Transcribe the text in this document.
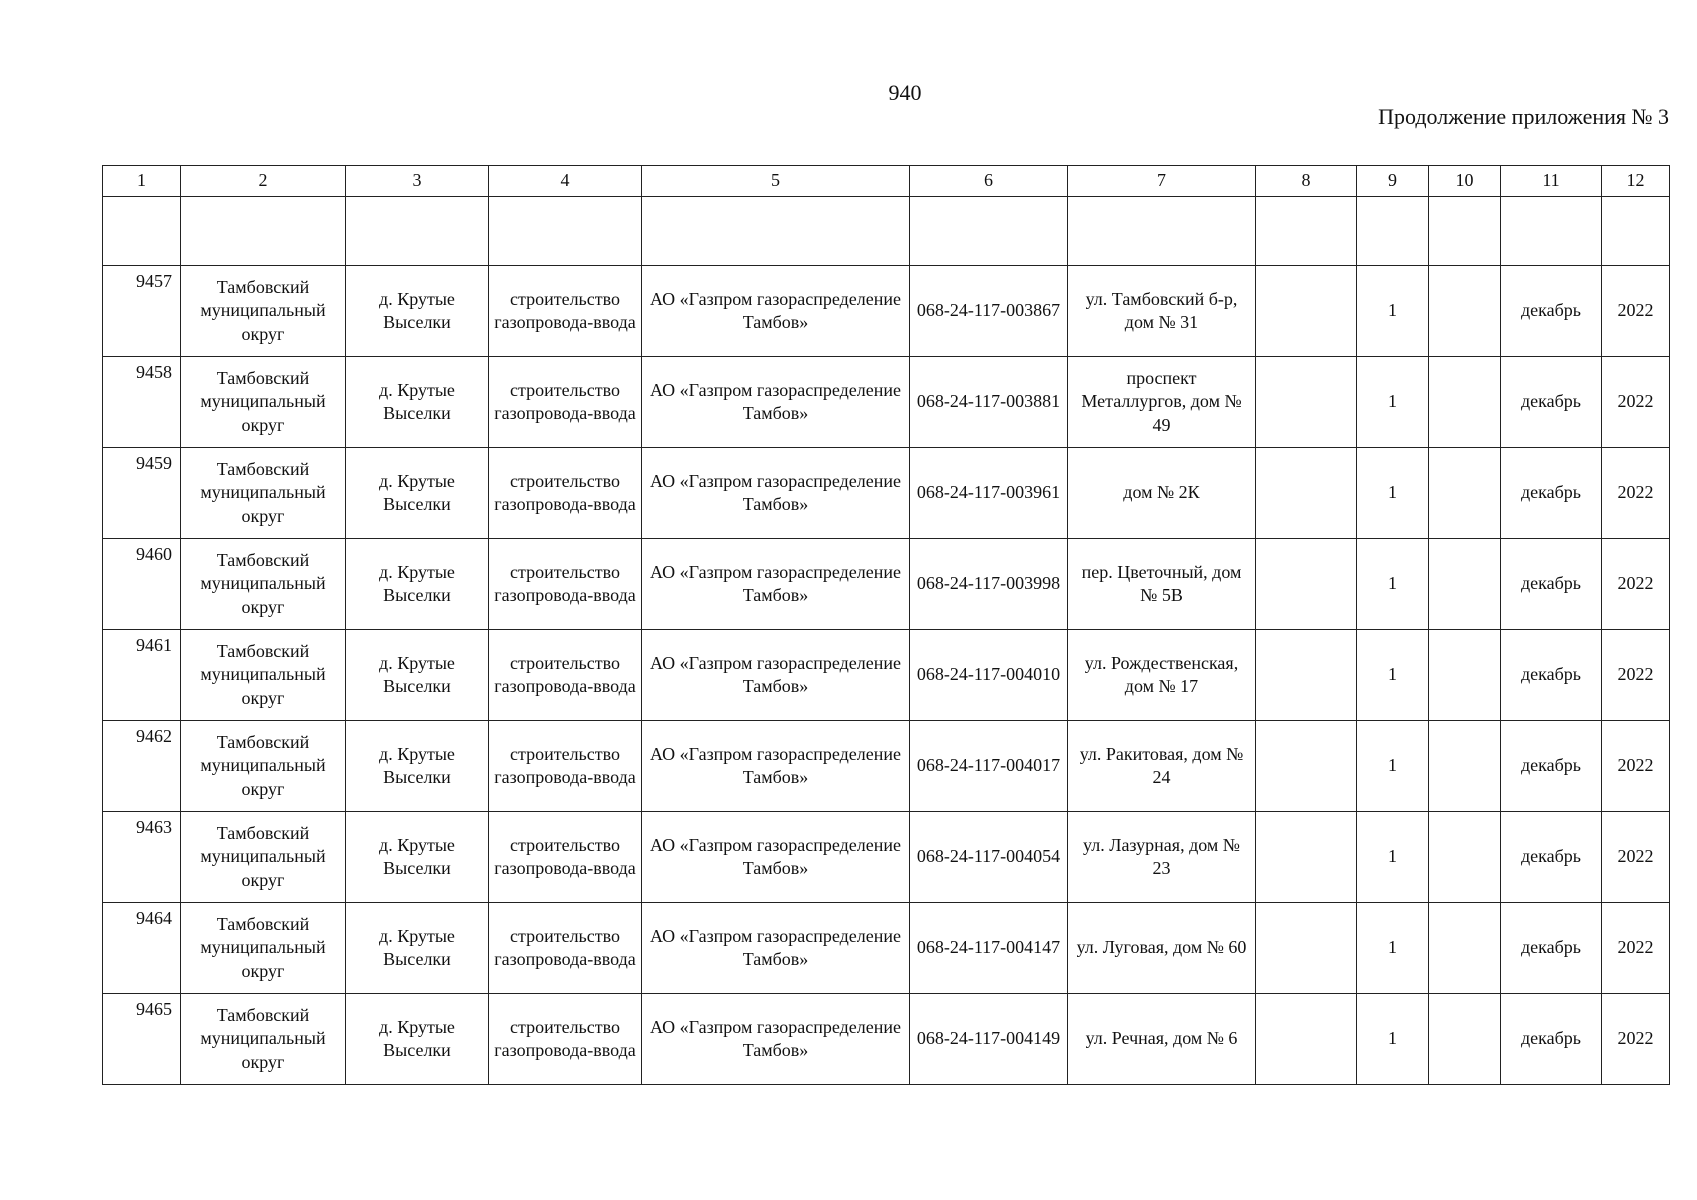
940
Продолжение приложения № 3
1	2	3	4	5	6	7	8	9	10	11	12

9457	Тамбовский муниципальный округ	д. Крутые Выселки	строительство газопровода-ввода	АО «Газпром газораспределение Тамбов»	068-24-117-003867	ул. Тамбовский б-р, дом № 31		1		декабрь	2022
9458	Тамбовский муниципальный округ	д. Крутые Выселки	строительство газопровода-ввода	АО «Газпром газораспределение Тамбов»	068-24-117-003881	проспект Металлургов, дом № 49		1		декабрь	2022
9459	Тамбовский муниципальный округ	д. Крутые Выселки	строительство газопровода-ввода	АО «Газпром газораспределение Тамбов»	068-24-117-003961	дом № 2К		1		декабрь	2022
9460	Тамбовский муниципальный округ	д. Крутые Выселки	строительство газопровода-ввода	АО «Газпром газораспределение Тамбов»	068-24-117-003998	пер. Цветочный, дом № 5В		1		декабрь	2022
9461	Тамбовский муниципальный округ	д. Крутые Выселки	строительство газопровода-ввода	АО «Газпром газораспределение Тамбов»	068-24-117-004010	ул. Рождественская, дом № 17		1		декабрь	2022
9462	Тамбовский муниципальный округ	д. Крутые Выселки	строительство газопровода-ввода	АО «Газпром газораспределение Тамбов»	068-24-117-004017	ул. Ракитовая, дом № 24		1		декабрь	2022
9463	Тамбовский муниципальный округ	д. Крутые Выселки	строительство газопровода-ввода	АО «Газпром газораспределение Тамбов»	068-24-117-004054	ул. Лазурная, дом № 23		1		декабрь	2022
9464	Тамбовский муниципальный округ	д. Крутые Выселки	строительство газопровода-ввода	АО «Газпром газораспределение Тамбов»	068-24-117-004147	ул. Луговая, дом № 60		1		декабрь	2022
9465	Тамбовский муниципальный округ	д. Крутые Выселки	строительство газопровода-ввода	АО «Газпром газораспределение Тамбов»	068-24-117-004149	ул. Речная, дом № 6		1		декабрь	2022
